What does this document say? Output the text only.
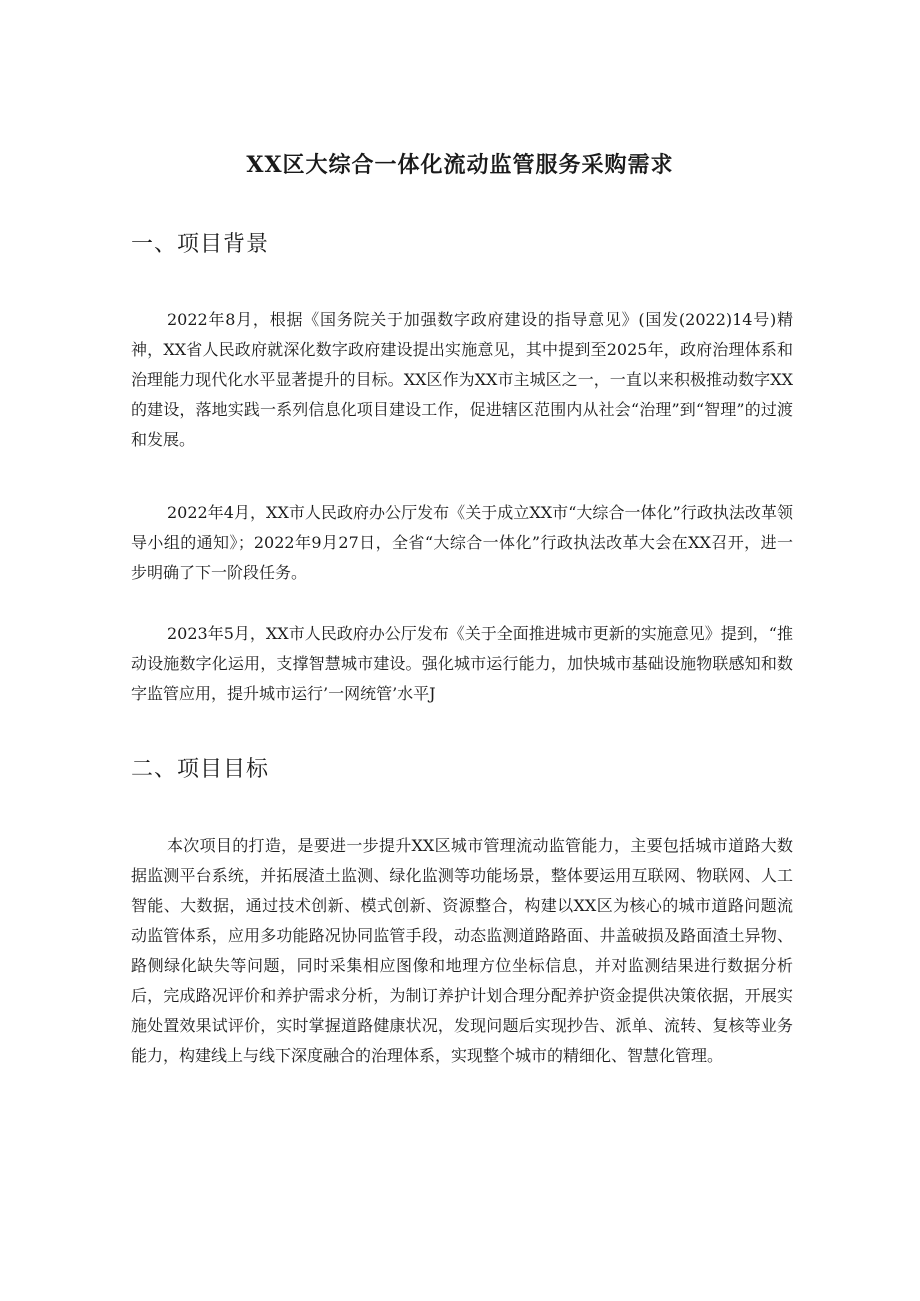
XX区大综合一体化流动监管服务采购需求
一、项目背景

2022年8月，根据《国务院关于加强数字政府建设的指导意见》(国发(2022)14号)精神，XX省人民政府就深化数字政府建设提出实施意见，其中提到至2025年，政府治理体系和治理能力现代化水平显著提升的目标。XX区作为XX市主城区之一，一直以来积极推动数字XX的建设，落地实践一系列信息化项目建设工作，促进辖区范围内从社会“治理”到“智理”的过渡和发展。

2022年4月，XX市人民政府办公厅发布《关于成立XX市“大综合一体化”行政执法改革领导小组的通知》；2022年9月27日，全省“大综合一体化”行政执法改革大会在XX召开，进一步明确了下一阶段任务。

2023年5月，XX市人民政府办公厅发布《关于全面推进城市更新的实施意见》提到，“推动设施数字化运用，支撑智慧城市建设。强化城市运行能力，加快城市基础设施物联感知和数字监管应用，提升城市运行’一网统管’水平J

二、项目目标

本次项目的打造，是要进一步提升XX区城市管理流动监管能力，主要包括城市道路大数据监测平台系统，并拓展渣土监测、绿化监测等功能场景，整体要运用互联网、物联网、人工智能、大数据，通过技术创新、模式创新、资源整合，构建以XX区为核心的城市道路问题流动监管体系，应用多功能路况协同监管手段，动态监测道路路面、井盖破损及路面渣土异物、路侧绿化缺失等问题，同时采集相应图像和地理方位坐标信息，并对监测结果进行数据分析后，完成路况评价和养护需求分析，为制订养护计划合理分配养护资金提供决策依据，开展实施处置效果试评价，实时掌握道路健康状况，发现问题后实现抄告、派单、流转、复核等业务能力，构建线上与线下深度融合的治理体系，实现整个城市的精细化、智慧化管理。
